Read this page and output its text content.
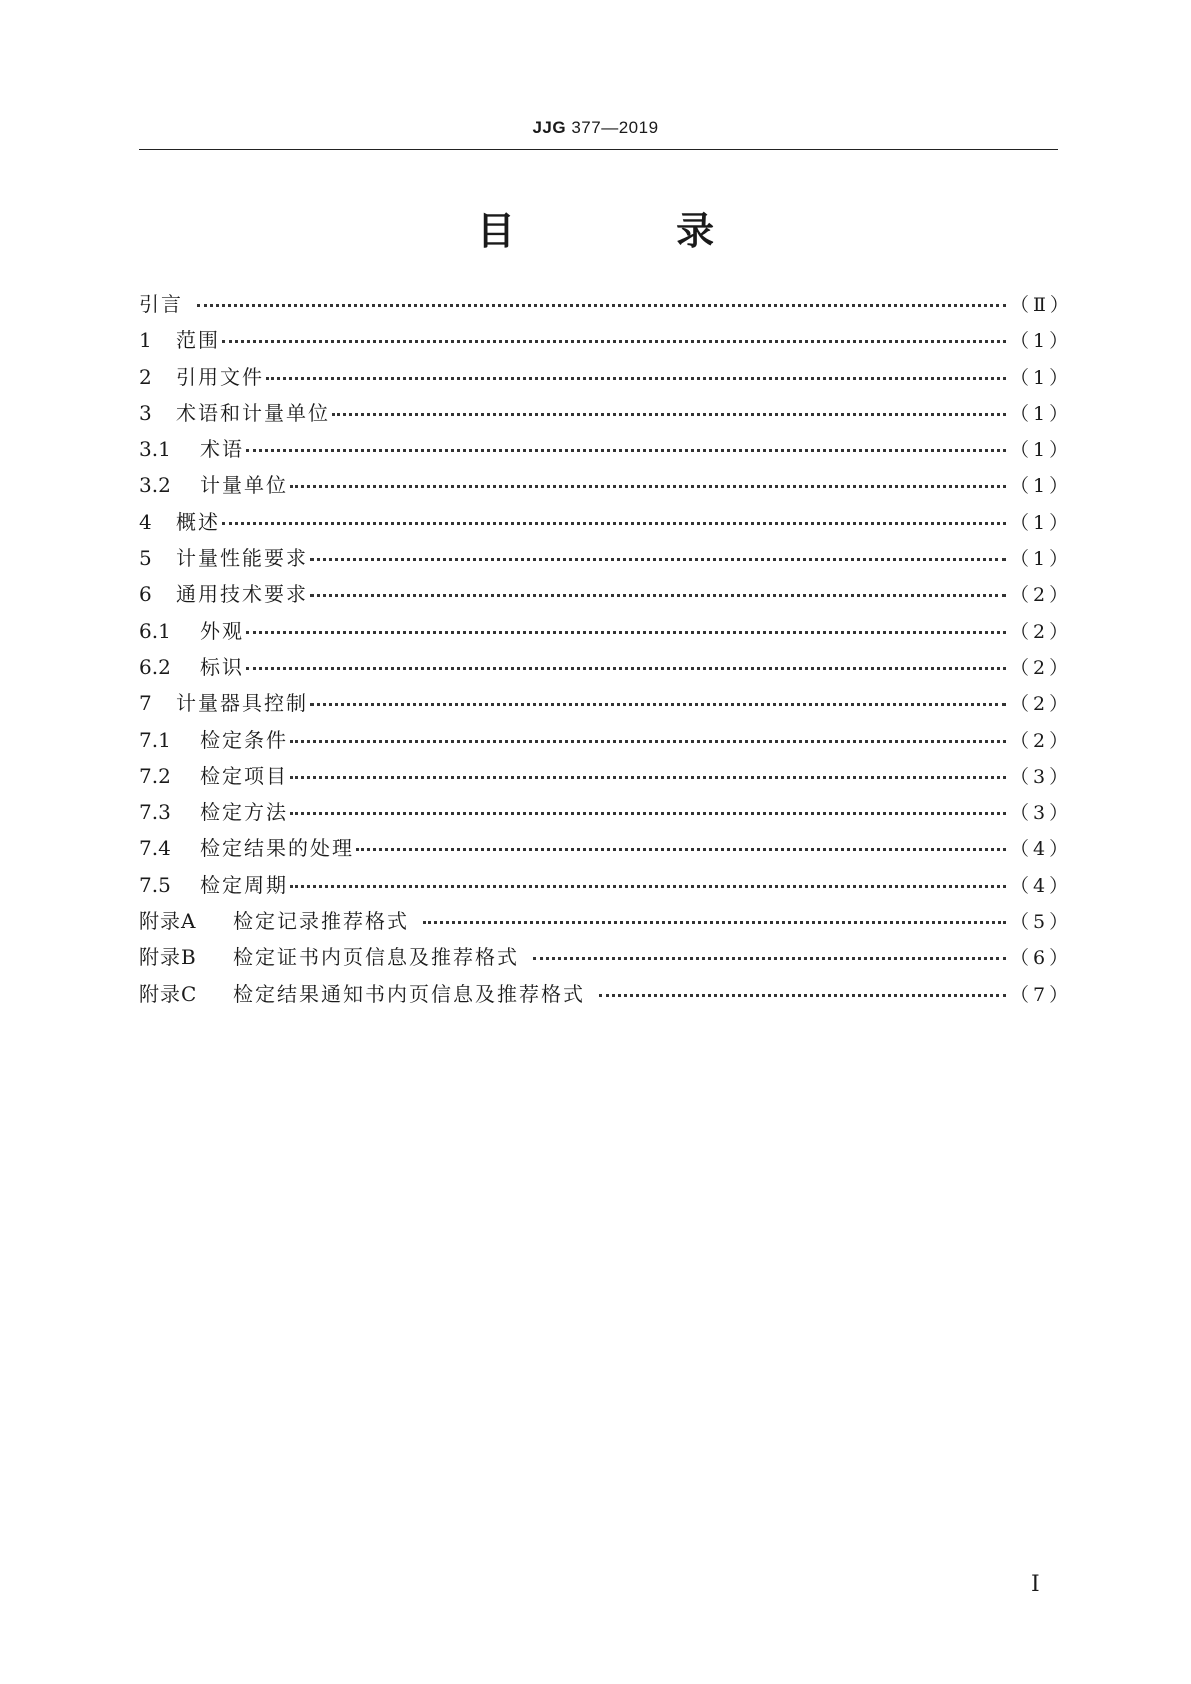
JJG 377—2019
目 录
引言	（Ⅱ）
1	范围	（1）
2	引用文件	（1）
3	术语和计量单位	（1）
3.1	术语	（1）
3.2	计量单位	（1）
4	概述	（1）
5	计量性能要求	（1）
6	通用技术要求	（2）
6.1	外观	（2）
6.2	标识	（2）
7	计量器具控制	（2）
7.1	检定条件	（2）
7.2	检定项目	（3）
7.3	检定方法	（3）
7.4	检定结果的处理	（4）
7.5	检定周期	（4）
附录A	检定记录推荐格式	（5）
附录B	检定证书内页信息及推荐格式	（6）
附录C	检定结果通知书内页信息及推荐格式	（7）
Ⅰ
